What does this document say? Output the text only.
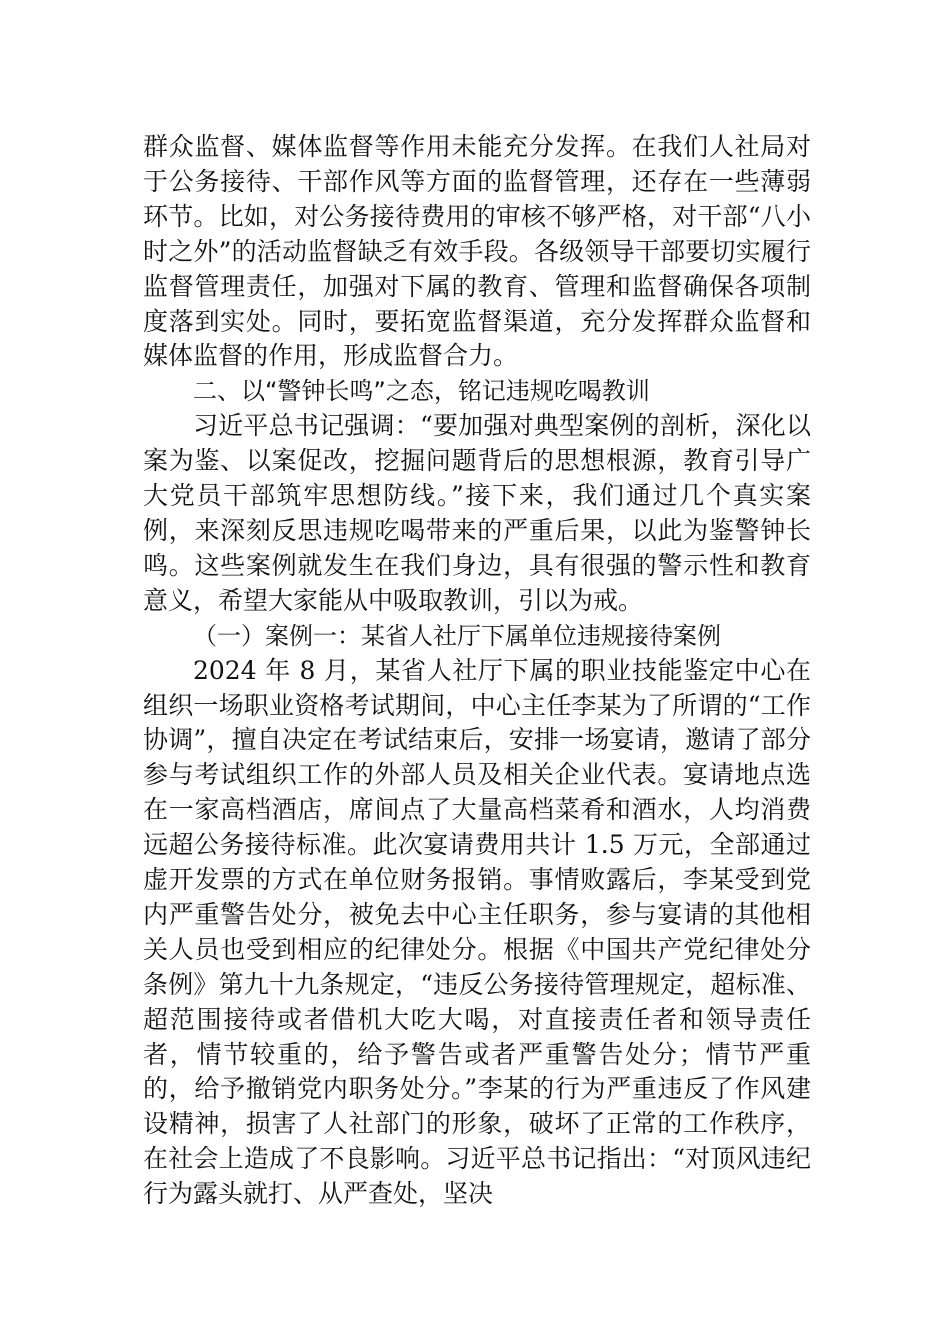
群众监督、媒体监督等作用未能充分发挥。在我们人社局对于公务接待、干部作风等方面的监督管理，还存在一些薄弱环节。比如，对公务接待费用的审核不够严格，对干部“八小时之外”的活动监督缺乏有效手段。各级领导干部要切实履行监督管理责任，加强对下属的教育、管理和监督确保各项制度落到实处。同时，要拓宽监督渠道，充分发挥群众监督和媒体监督的作用，形成监督合力。

二、以“警钟长鸣”之态，铭记违规吃喝教训

习近平总书记强调：“要加强对典型案例的剖析，深化以案为鉴、以案促改，挖掘问题背后的思想根源，教育引导广大党员干部筑牢思想防线。”接下来，我们通过几个真实案例，来深刻反思违规吃喝带来的严重后果，以此为鉴警钟长鸣。这些案例就发生在我们身边，具有很强的警示性和教育意义，希望大家能从中吸取教训，引以为戒。

（一）案例一：某省人社厅下属单位违规接待案例

2024 年 8 月，某省人社厅下属的职业技能鉴定中心在组织一场职业资格考试期间，中心主任李某为了所谓的“工作协调”，擅自决定在考试结束后，安排一场宴请，邀请了部分参与考试组织工作的外部人员及相关企业代表。宴请地点选在一家高档酒店，席间点了大量高档菜肴和酒水，人均消费远超公务接待标准。此次宴请费用共计 1.5 万元，全部通过虚开发票的方式在单位财务报销。事情败露后，李某受到党内严重警告处分，被免去中心主任职务，参与宴请的其他相关人员也受到相应的纪律处分。根据《中国共产党纪律处分条例》第九十九条规定，“违反公务接待管理规定，超标准、超范围接待或者借机大吃大喝，对直接责任者和领导责任者，情节较重的，给予警告或者严重警告处分；情节严重的，给予撤销党内职务处分。”李某的行为严重违反了作风建设精神，损害了人社部门的形象，破坏了正常的工作秩序，在社会上造成了不良影响。习近平总书记指出：“对顶风违纪行为露头就打、从严查处，坚决
